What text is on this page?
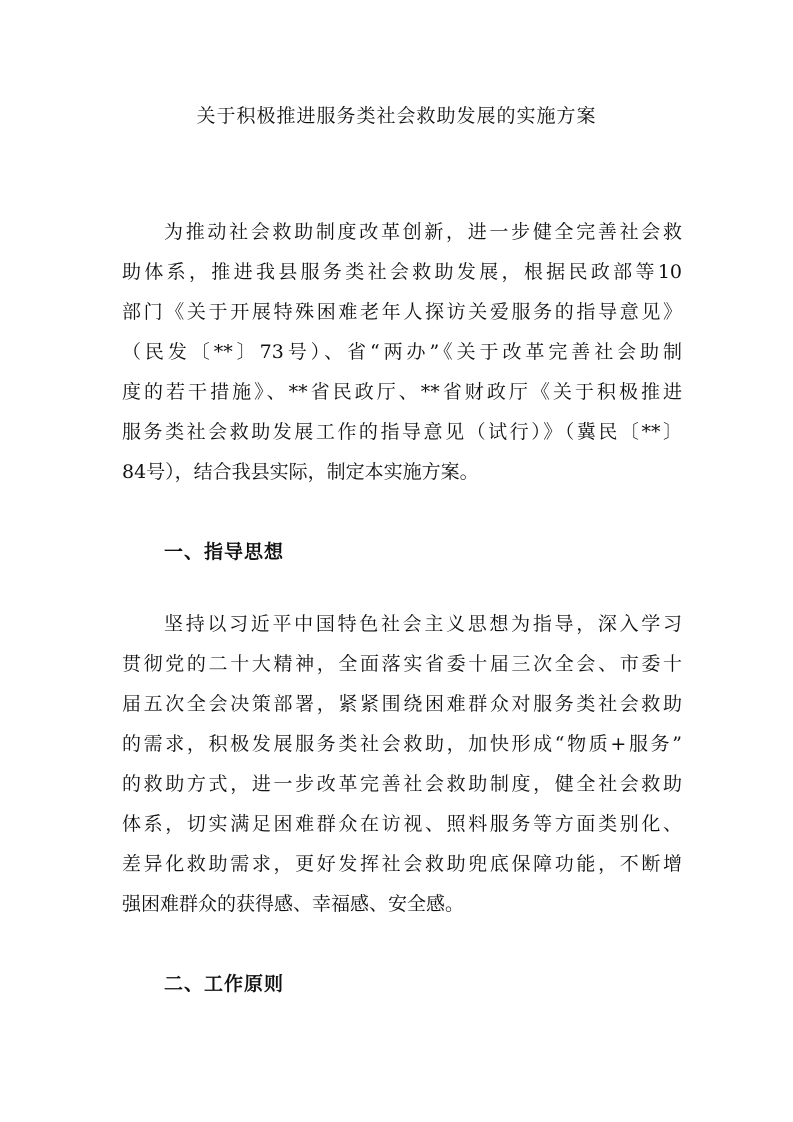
关于积极推进服务类社会救助发展的实施方案
为推动社会救助制度改革创新，进一步健全完善社会救
助体系，推进我县服务类社会救助发展，根据民政部等10
部门《关于开展特殊困难老年人探访关爱服务的指导意见》
（民发〔**〕73号）、省“两办”《关于改革完善社会助制
度的若干措施》、**省民政厅、**省财政厅《关于积极推进
服务类社会救助发展工作的指导意见（试行）》（冀民〔**〕
84号），结合我县实际，制定本实施方案。
一、指导思想
坚持以习近平中国特色社会主义思想为指导，深入学习
贯彻党的二十大精神，全面落实省委十届三次全会、市委十
届五次全会决策部署，紧紧围绕困难群众对服务类社会救助
的需求，积极发展服务类社会救助，加快形成“物质+服务”
的救助方式，进一步改革完善社会救助制度，健全社会救助
体系，切实满足困难群众在访视、照料服务等方面类别化、
差异化救助需求，更好发挥社会救助兜底保障功能，不断增
强困难群众的获得感、幸福感、安全感。
二、工作原则
